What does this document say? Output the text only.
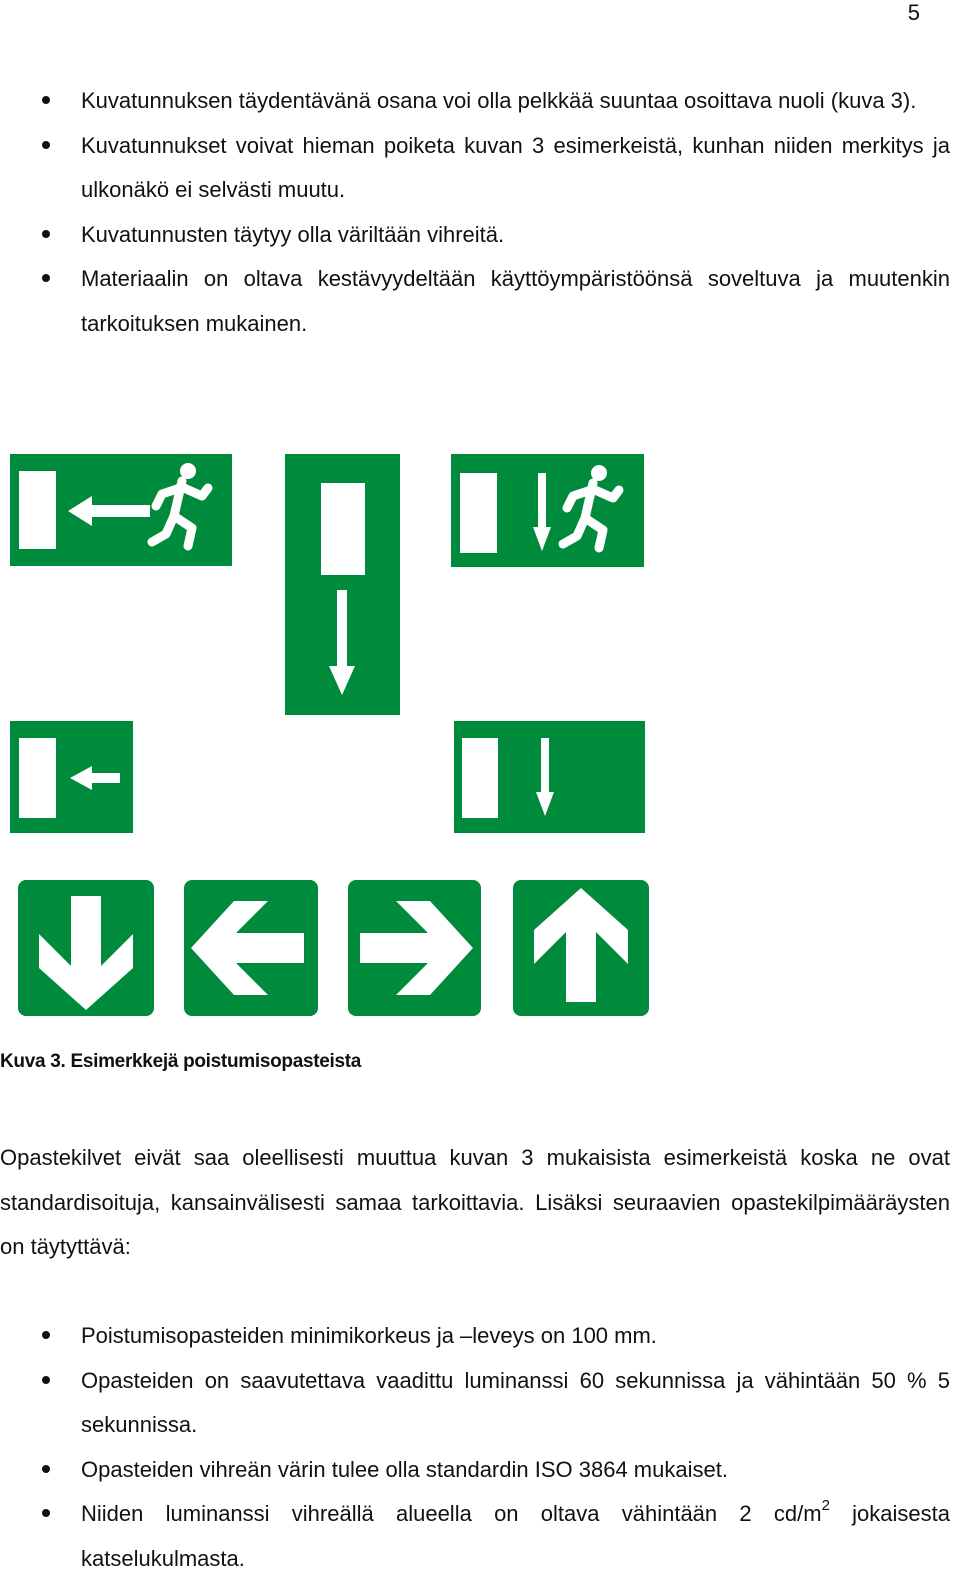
5
Kuvatunnuksen täydentävänä osana voi olla pelkkää suuntaa osoittava nuoli (kuva 3).
Kuvatunnukset voivat hieman poiketa kuvan 3 esimerkeistä, kunhan niiden merkitys ja ulkonäkö ei selvästi muutu.
Kuvatunnusten täytyy olla väriltään vihreitä.
Materiaalin on oltava kestävyydeltään käyttöympäristöönsä soveltuva ja muutenkin tarkoituksen mukainen.
Kuva 3. Esimerkkejä poistumisopasteista
Opastekilvet eivät saa oleellisesti muuttua kuvan 3 mukaisista esimerkeistä koska ne ovat standardisoituja, kansainvälisesti samaa tarkoittavia. Lisäksi seuraavien opastekilpimääräysten on täytyttävä:
Poistumisopasteiden minimikorkeus ja –leveys on 100 mm.
Opasteiden on saavutettava vaadittu luminanssi 60 sekunnissa ja vähintään 50 % 5 sekunnissa.
Opasteiden vihreän värin tulee olla standardin ISO 3864 mukaiset.
Niiden luminanssi vihreällä alueella on oltava vähintään 2 $cd/m^2$ jokaisesta katselukulmasta.
